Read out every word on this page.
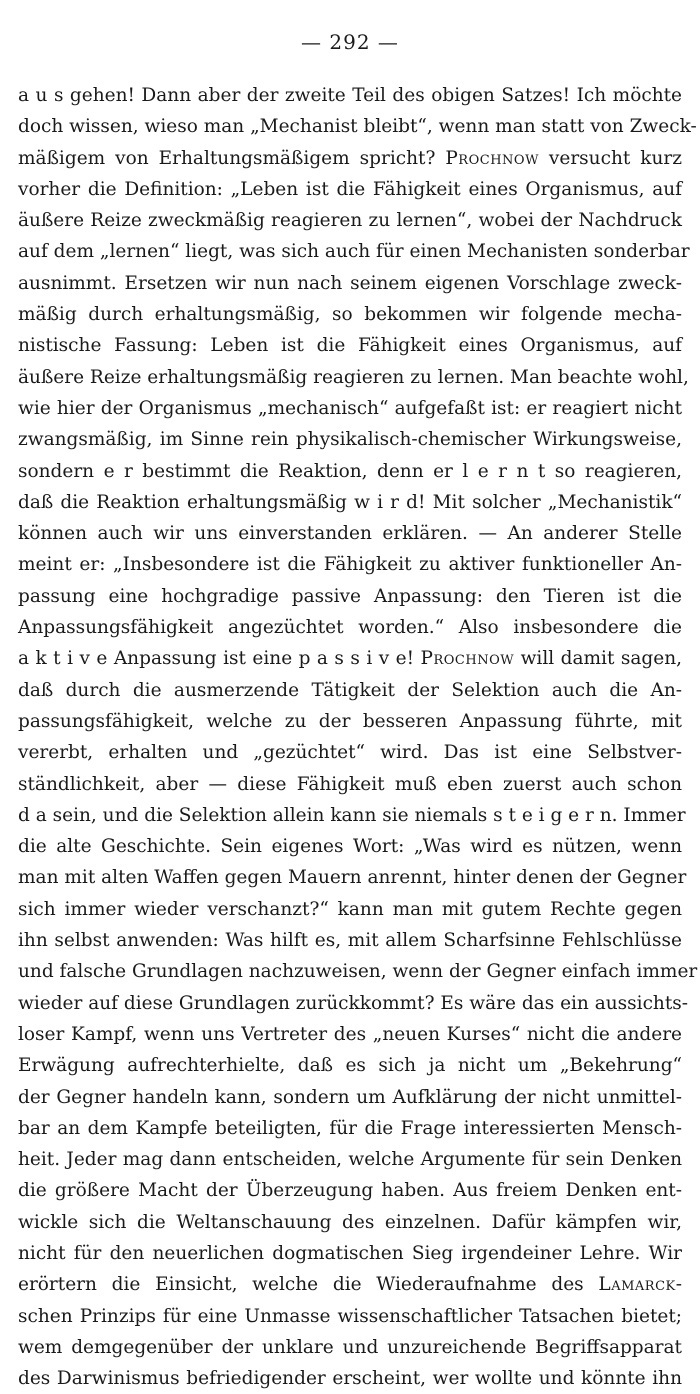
— 292 —
a u s gehen! Dann aber der zweite Teil des obigen Satzes! Ich möchte
doch wissen, wieso man „Mechanist bleibt“, wenn man statt von Zweck-
mäßigem von Erhaltungsmäßigem spricht? Prochnow versucht kurz
vorher die Definition: „Leben ist die Fähigkeit eines Organismus, auf
äußere Reize zweckmäßig reagieren zu lernen“, wobei der Nachdruck
auf dem „lernen“ liegt, was sich auch für einen Mechanisten sonderbar
ausnimmt. Ersetzen wir nun nach seinem eigenen Vorschlage zweck-
mäßig durch erhaltungsmäßig, so bekommen wir folgende mecha-
nistische Fassung: Leben ist die Fähigkeit eines Organismus, auf
äußere Reize erhaltungsmäßig reagieren zu lernen. Man beachte wohl,
wie hier der Organismus „mechanisch“ aufgefaßt ist: er reagiert nicht
zwangsmäßig, im Sinne rein physikalisch-chemischer Wirkungsweise,
sondern e r bestimmt die Reaktion, denn er l e r n t so reagieren,
daß die Reaktion erhaltungsmäßig w i r d! Mit solcher „Mechanistik“
können auch wir uns einverstanden erklären. — An anderer Stelle
meint er: „Insbesondere ist die Fähigkeit zu aktiver funktioneller An-
passung eine hochgradige passive Anpassung: den Tieren ist die
Anpassungsfähigkeit angezüchtet worden.“ Also insbesondere die
a k t i v e Anpassung ist eine p a s s i v e! Prochnow will damit sagen,
daß durch die ausmerzende Tätigkeit der Selektion auch die An-
passungsfähigkeit, welche zu der besseren Anpassung führte, mit
vererbt, erhalten und „gezüchtet“ wird. Das ist eine Selbstver-
ständlichkeit, aber — diese Fähigkeit muß eben zuerst auch schon
d a sein, und die Selektion allein kann sie niemals s t e i g e r n. Immer
die alte Geschichte. Sein eigenes Wort: „Was wird es nützen, wenn
man mit alten Waffen gegen Mauern anrennt, hinter denen der Gegner
sich immer wieder verschanzt?“ kann man mit gutem Rechte gegen
ihn selbst anwenden: Was hilft es, mit allem Scharfsinne Fehlschlüsse
und falsche Grundlagen nachzuweisen, wenn der Gegner einfach immer
wieder auf diese Grundlagen zurückkommt? Es wäre das ein aussichts-
loser Kampf, wenn uns Vertreter des „neuen Kurses“ nicht die andere
Erwägung aufrechterhielte, daß es sich ja nicht um „Bekehrung“
der Gegner handeln kann, sondern um Aufklärung der nicht unmittel-
bar an dem Kampfe beteiligten, für die Frage interessierten Mensch-
heit. Jeder mag dann entscheiden, welche Argumente für sein Denken
die größere Macht der Überzeugung haben. Aus freiem Denken ent-
wickle sich die Weltanschauung des einzelnen. Dafür kämpfen wir,
nicht für den neuerlichen dogmatischen Sieg irgendeiner Lehre. Wir
erörtern die Einsicht, welche die Wiederaufnahme des Lamarck-
schen Prinzips für eine Unmasse wissenschaftlicher Tatsachen bietet;
wem demgegenüber der unklare und unzureichende Begriffsapparat
des Darwinismus befriedigender erscheint, wer wollte und könnte ihn
